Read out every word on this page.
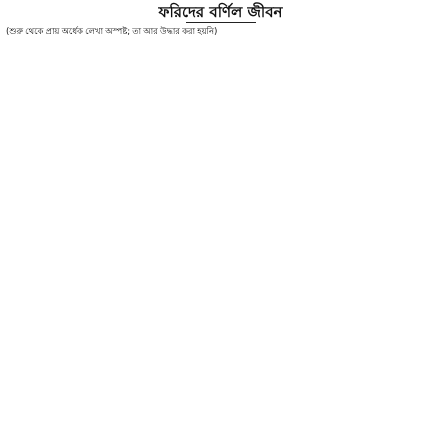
ফরিদের বর্ণিল জীবন

(শুরু থেকে প্রায় অর্ধেক লেখা অস্পষ্ট; তা আর উদ্ধার করা হয়নি)
